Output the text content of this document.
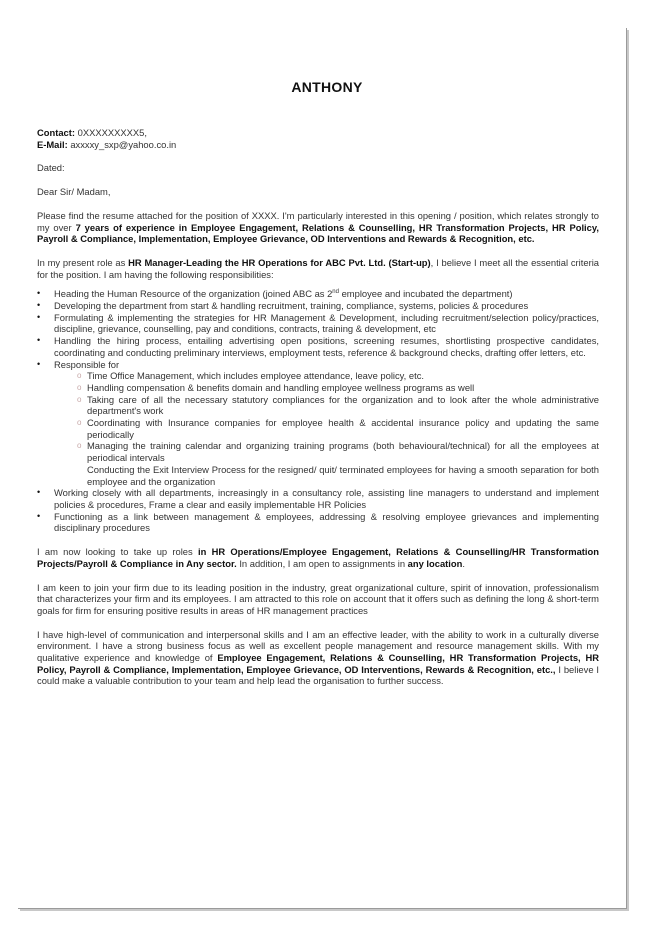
ANTHONY
Contact: 0XXXXXXXXX5,
E-Mail: axxxxy_sxp@yahoo.co.in
Dated:
Dear Sir/ Madam,

Please find the resume attached for the position of XXXX. I'm particularly interested in this opening / position, which relates strongly to my over 7 years of experience in Employee Engagement, Relations & Counselling, HR Transformation Projects, HR Policy, Payroll & Compliance, Implementation, Employee Grievance, OD Interventions and Rewards & Recognition, etc.

In my present role as HR Manager-Leading the HR Operations for ABC Pvt. Ltd. (Start-up), I believe I meet all the essential criteria for the position. I am having the following responsibilities:

• Heading the Human Resource of the organization (joined ABC as 2nd employee and incubated the department)
• Developing the department from start & handling recruitment, training, compliance, systems, policies & procedures
• Formulating & implementing the strategies for HR Management & Development, including recruitment/selection policy/practices, discipline, grievance, counselling, pay and conditions, contracts, training & development, etc
• Handling the hiring process, entailing advertising open positions, screening resumes, shortlisting prospective candidates, coordinating and conducting preliminary interviews, employment tests, reference & background checks, drafting offer letters, etc.
• Responsible for
o Time Office Management, which includes employee attendance, leave policy, etc.
o Handling compensation & benefits domain and handling employee wellness programs as well
o Taking care of all the necessary statutory compliances for the organization and to look after the whole administrative department's work
o Coordinating with Insurance companies for employee health & accidental insurance policy and updating the same periodically
o Managing the training calendar and organizing training programs (both behavioural/technical) for all the employees at periodical intervals
Conducting the Exit Interview Process for the resigned/ quit/ terminated employees for having a smooth separation for both employee and the organization
• Working closely with all departments, increasingly in a consultancy role, assisting line managers to understand and implement policies & procedures, Frame a clear and easily implementable HR Policies
• Functioning as a link between management & employees, addressing & resolving employee grievances and implementing disciplinary procedures

I am now looking to take up roles in HR Operations/Employee Engagement, Relations & Counselling/HR Transformation Projects/Payroll & Compliance in Any sector. In addition, I am open to assignments in any location.

I am keen to join your firm due to its leading position in the industry, great organizational culture, spirit of innovation, professionalism that characterizes your firm and its employees. I am attracted to this role on account that it offers such as defining the long & short-term goals for firm for ensuring positive results in areas of HR management practices

I have high-level of communication and interpersonal skills and I am an effective leader, with the ability to work in a culturally diverse environment. I have a strong business focus as well as excellent people management and resource management skills. With my qualitative experience and knowledge of Employee Engagement, Relations & Counselling, HR Transformation Projects, HR Policy, Payroll & Compliance, Implementation, Employee Grievance, OD Interventions, Rewards & Recognition, etc., I believe I could make a valuable contribution to your team and help lead the organisation to further success.
